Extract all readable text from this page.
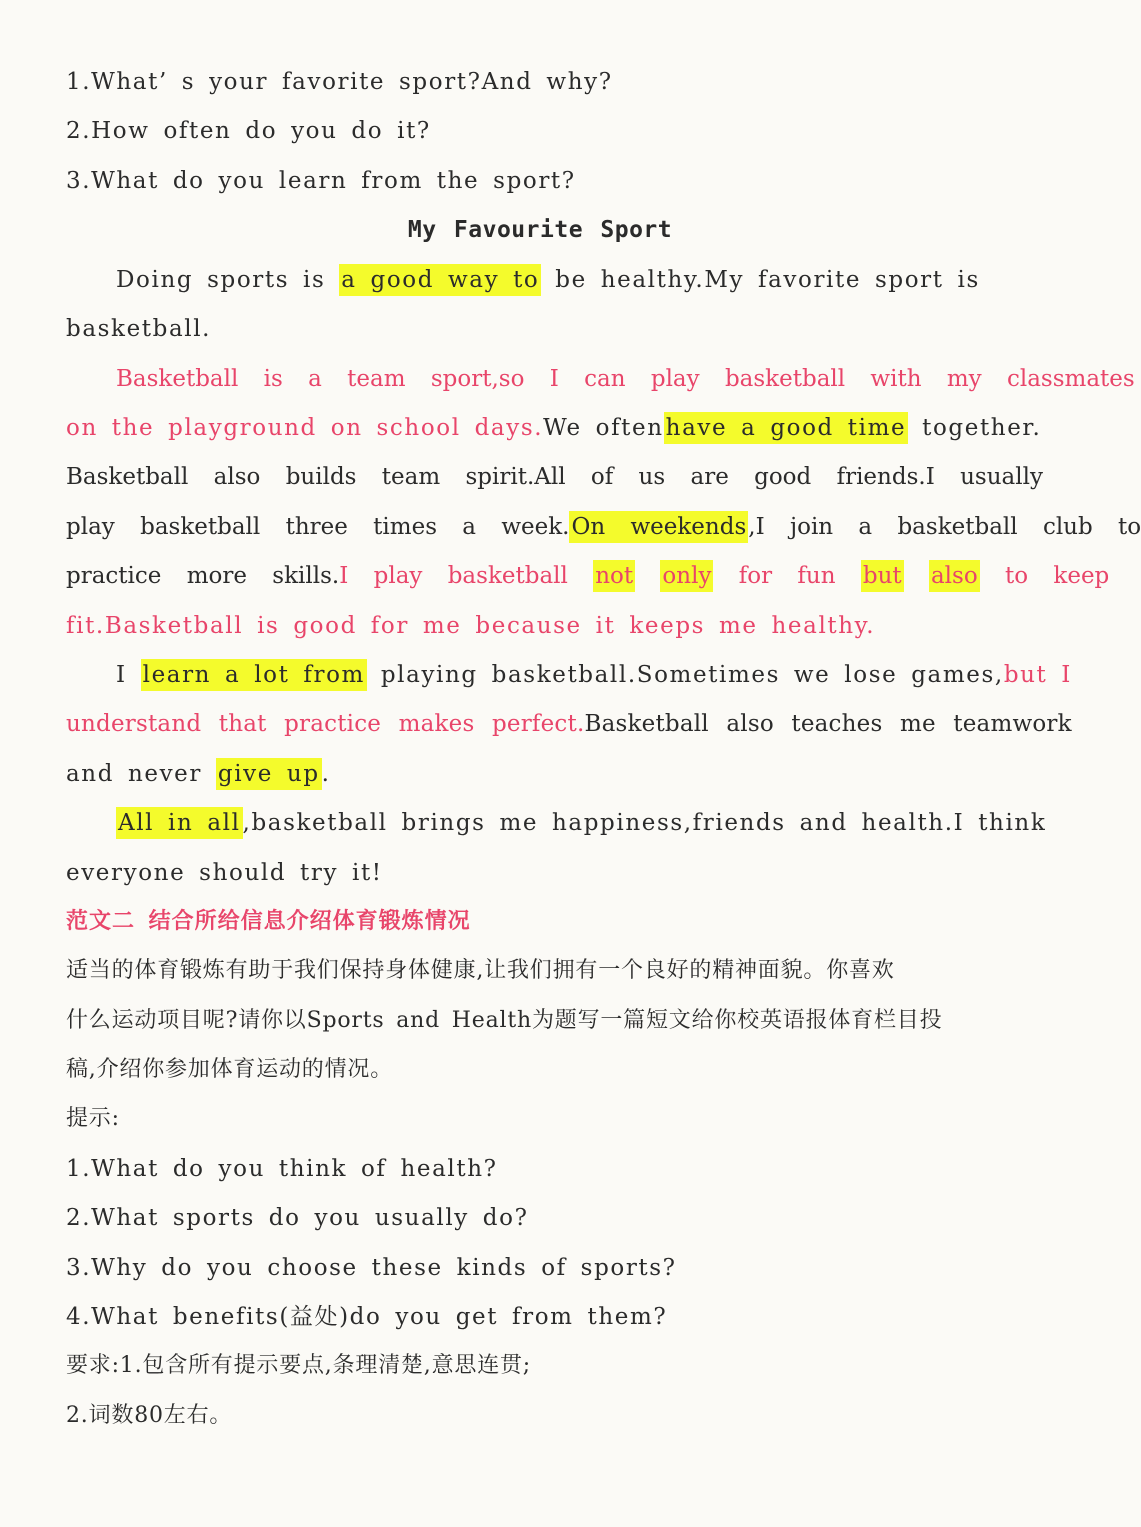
1.What’ s your favorite sport?And why?
2.How often do you do it?
3.What do you learn from the sport?
My Favourite Sport
Doing sports is a good way to be healthy.My favorite sport is
basketball.
Basketball is a team sport,so I can play basketball with my classmates
on the playground on school days.We oftenhave a good time together.
Basketball also builds team spirit.All of us are good friends.I usually
play basketball three times a week.On weekends,I join a basketball club to
practice more skills.I play basketball not only for fun but also to keep
fit.Basketball is good for me because it keeps me healthy.
I learn a lot from playing basketball.Sometimes we lose games,but I
understand that practice makes perfect.Basketball also teaches me teamwork
and never give up.
All in all,basketball brings me happiness,friends and health.I think
everyone should try it!
范文二 结合所给信息介绍体育锻炼情况
适当的体育锻炼有助于我们保持身体健康,让我们拥有一个良好的精神面貌。你喜欢
什么运动项目呢?请你以Sports and Health为题写一篇短文给你校英语报体育栏目投
稿,介绍你参加体育运动的情况。
提示:
1.What do you think of health?
2.What sports do you usually do?
3.Why do you choose these kinds of sports?
4.What benefits(益处)do you get from them?
要求:1.包含所有提示要点,条理清楚,意思连贯;
2.词数80左右。
